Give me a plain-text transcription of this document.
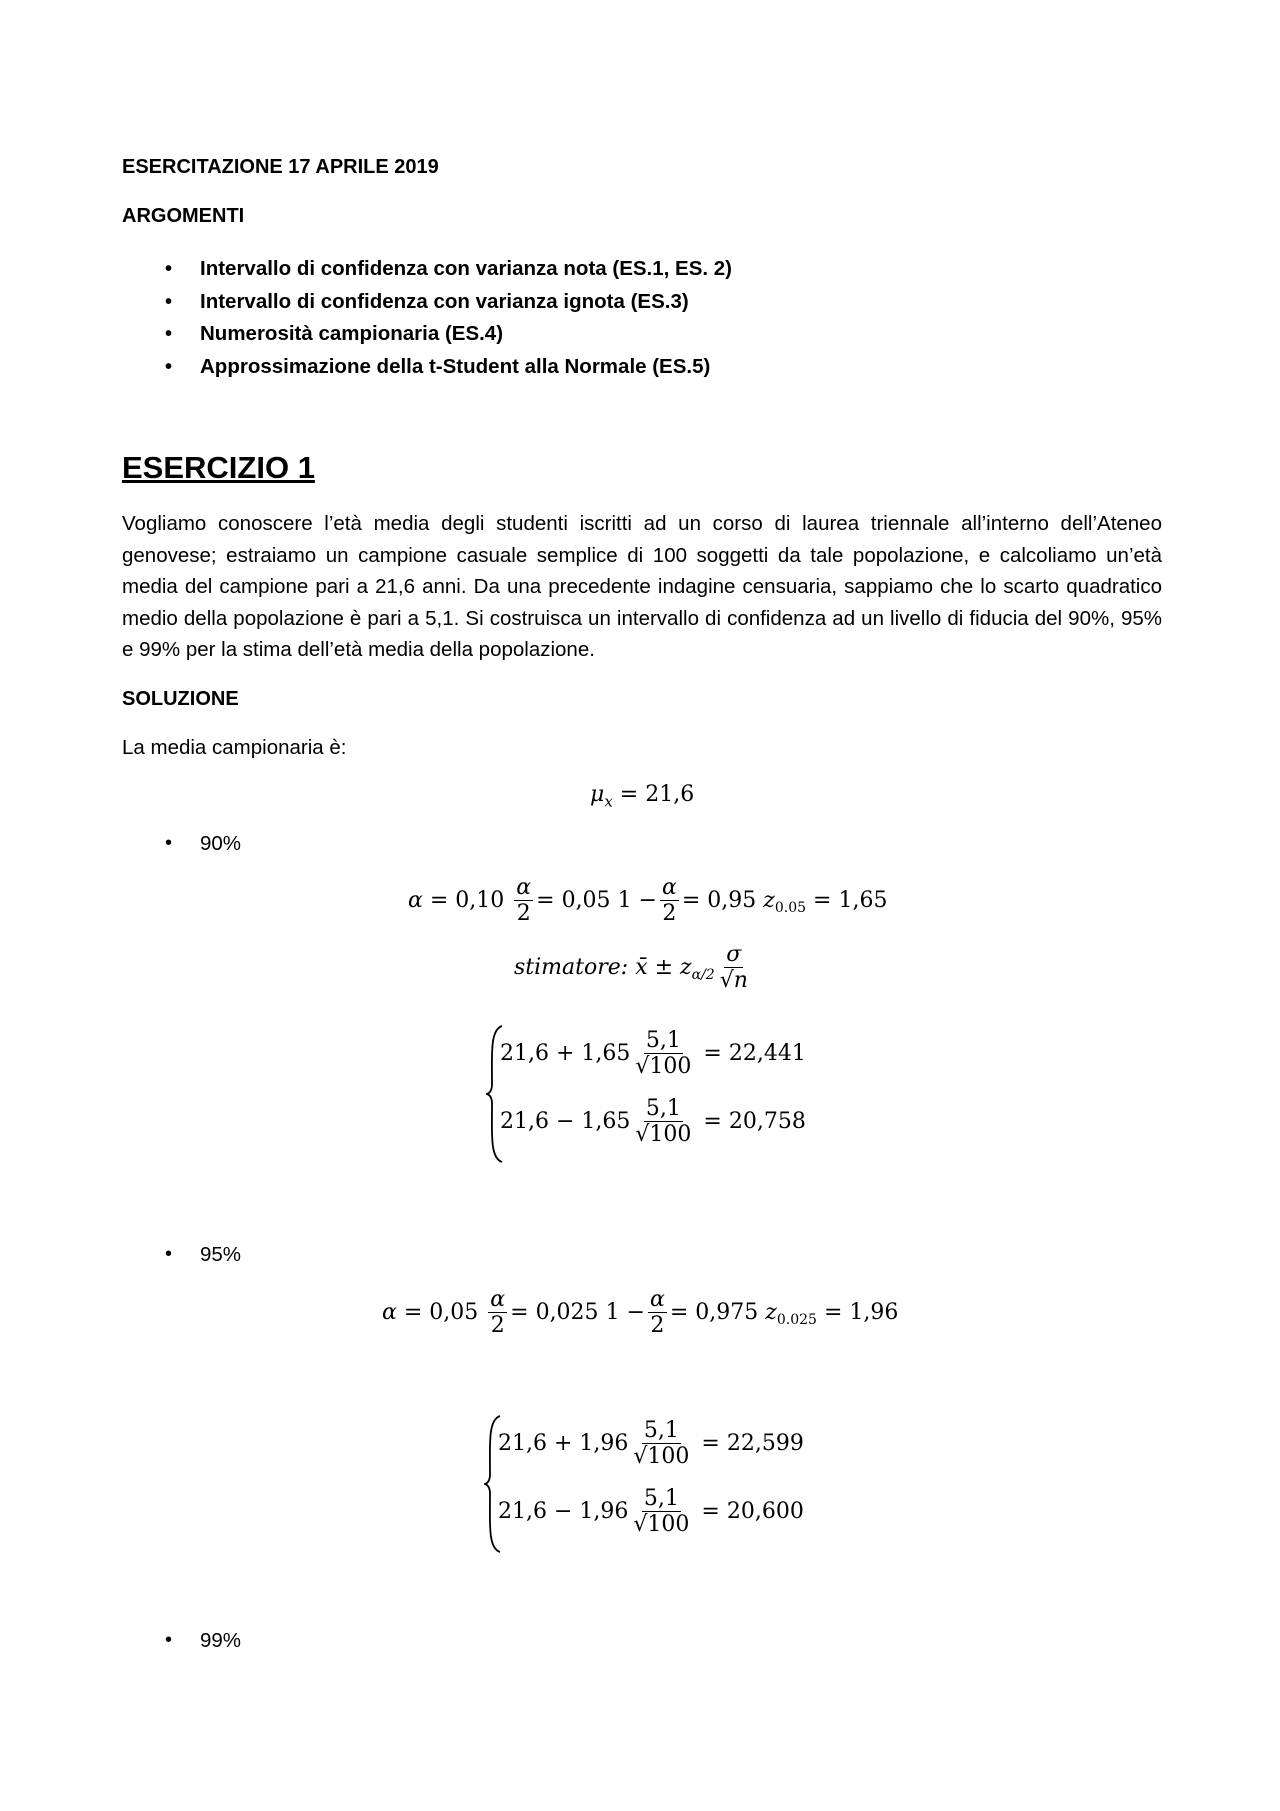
ESERCITAZIONE 17 APRILE 2019
ARGOMENTI
• Intervallo di confidenza con varianza nota (ES.1, ES. 2)
• Intervallo di confidenza con varianza ignota (ES.3)
• Numerosità campionaria (ES.4)
• Approssimazione della t-Student alla Normale (ES.5)
ESERCIZIO 1

Vogliamo conoscere l’età media degli studenti iscritti ad un corso di laurea triennale all’interno dell’Ateneo genovese; estraiamo un campione casuale semplice di 100 soggetti da tale popolazione, e calcoliamo un’età media del campione pari a 21,6 anni. Da una precedente indagine censuaria, sappiamo che lo scarto quadratico medio della popolazione è pari a 5,1. Si costruisca un intervallo di confidenza ad un livello di fiducia del 90%, 95% e 99% per la stima dell’età media della popolazione.

SOLUZIONE
La media campionaria è:
$\mu_x = 21,6$
• 90%
$\alpha = 0,10 \frac{\alpha}{2} = 0,05$ $1 - \frac{\alpha}{2} = 0,95$ $z_{0.05} = 1,65$
stimatore: x̄ ± $z_{\alpha/2} \frac{\sigma}{√n}$
$21,6 + 1,65 \frac{5,1}{√100} = 22,441$
$21,6 - 1,65 \frac{5,1}{√100} = 20,758$
• 95%
$\alpha = 0,05 \frac{\alpha}{2} = 0,025$ $1 - \frac{\alpha}{2} = 0,975$ $z_{0.025} = 1,96$
$21,6 + 1,96 \frac{5,1}{√100} = 22,599$
$21,6 - 1,96 \frac{5,1}{√100} = 20,600$
• 99%
